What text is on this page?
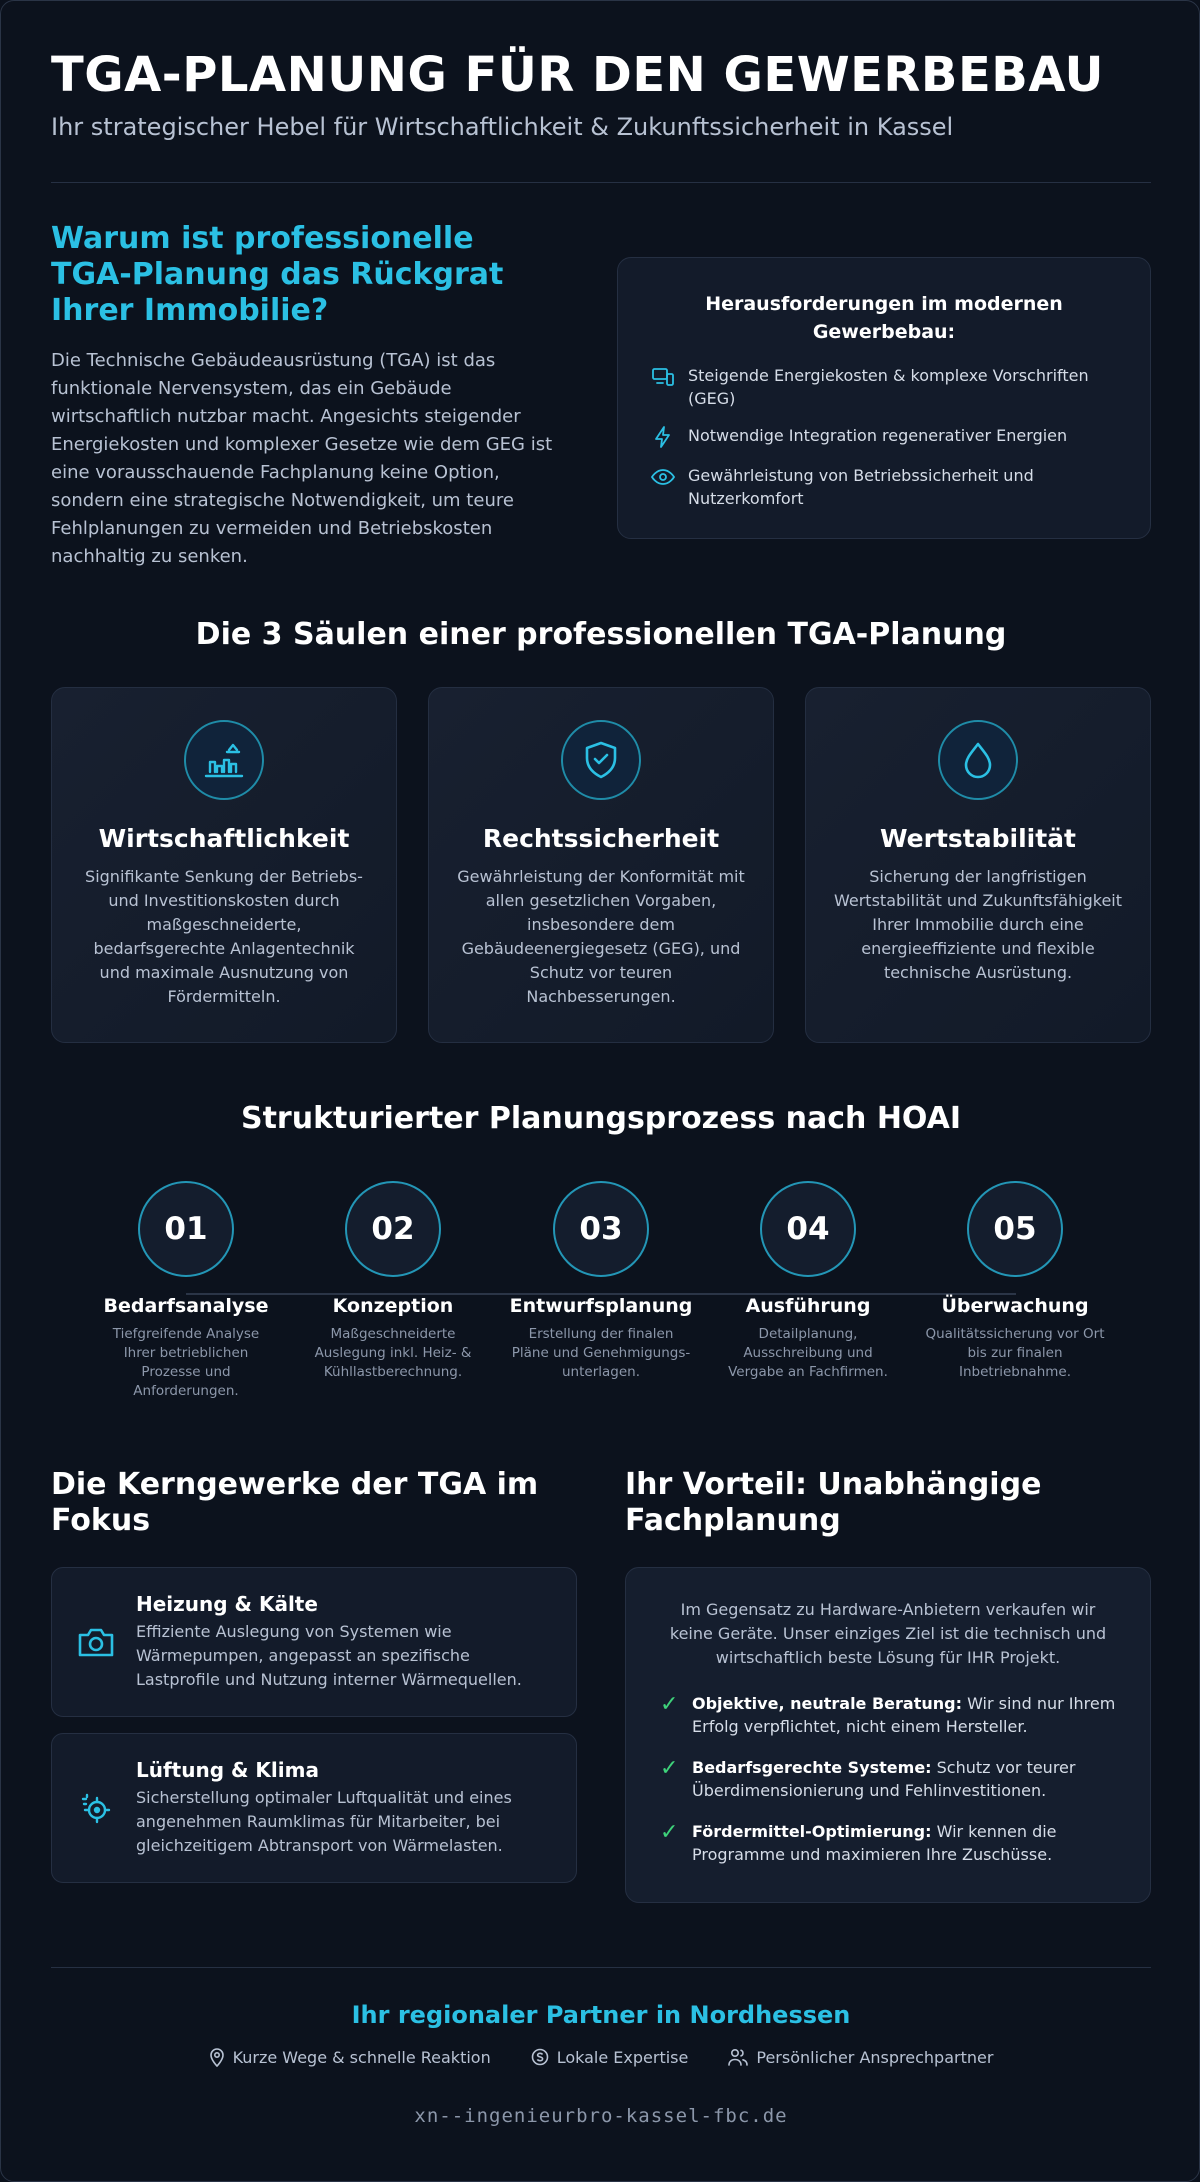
TGA-PLANUNG FÜR DEN GEWERBEBAU
Ihr strategischer Hebel für Wirtschaftlichkeit & Zukunftssicherheit in Kassel
Warum ist professionelle TGA-Planung das Rückgrat Ihrer Immobilie?

Die Technische Gebäudeausrüstung (TGA) ist das funktionale Nervensystem, das ein Gebäude wirtschaftlich nutzbar macht. Angesichts steigender Energiekosten und komplexer Gesetze wie dem GEG ist eine vorausschauende Fachplanung keine Option, sondern eine strategische Notwendigkeit, um teure Fehlplanungen zu vermeiden und Betriebskosten nachhaltig zu senken.

Herausforderungen im modernen Gewerbebau:
Steigende Energiekosten & komplexe Vorschriften (GEG)
Notwendige Integration regenerativer Energien
Gewährleistung von Betriebssicherheit und Nutzerkomfort
Die 3 Säulen einer professionellen TGA-Planung
Wirtschaftlichkeit

Signifikante Senkung der Betriebs- und Investitionskosten durch maßgeschneiderte, bedarfsgerechte Anlagentechnik und maximale Ausnutzung von Fördermitteln.

Rechtssicherheit

Gewährleistung der Konformität mit allen gesetzlichen Vorgaben, insbesondere dem Gebäudeenergiegesetz (GEG), und Schutz vor teuren Nachbesserungen.

Wertstabilität

Sicherung der langfristigen Wertstabilität und Zukunftsfähigkeit Ihrer Immobilie durch eine energieeffiziente und flexible technische Ausrüstung.

Strukturierter Planungsprozess nach HOAI
01
Bedarfsanalyse
Tiefgreifende Analyse Ihrer betrieblichen Prozesse und Anforderungen.
02
Konzeption
Maßgeschneiderte Auslegung inkl. Heiz- & Kühllastberechnung.
03
Entwurfsplanung
Erstellung der finalen Pläne und Genehmigungs-unterlagen.
04
Ausführung
Detailplanung, Ausschreibung und Vergabe an Fachfirmen.
05
Überwachung
Qualitätssicherung vor Ort bis zur finalen Inbetriebnahme.
Die Kerngewerke der TGA im Fokus
Heizung & Kälte

Effiziente Auslegung von Systemen wie Wärmepumpen, angepasst an spezifische Lastprofile und Nutzung interner Wärmequellen.

Lüftung & Klima

Sicherstellung optimaler Luftqualität und eines angenehmen Raumklimas für Mitarbeiter, bei gleichzeitigem Abtransport von Wärmelasten.

Ihr Vorteil: Unabhängige Fachplanung

Im Gegensatz zu Hardware-Anbietern verkaufen wir keine Geräte. Unser einziges Ziel ist die technisch und wirtschaftlich beste Lösung für IHR Projekt.

✓ Objektive, neutrale Beratung: Wir sind nur Ihrem Erfolg verpflichtet, nicht einem Hersteller.
✓ Bedarfsgerechte Systeme: Schutz vor teurer Überdimensionierung und Fehlinvestitionen.
✓ Fördermittel-Optimierung: Wir kennen die Programme und maximieren Ihre Zuschüsse.
Ihr regionaler Partner in Nordhessen
Kurze Wege & schnelle Reaktion	Lokale Expertise	Persönlicher Ansprechpartner
xn--ingenieurbro-kassel-fbc.de
